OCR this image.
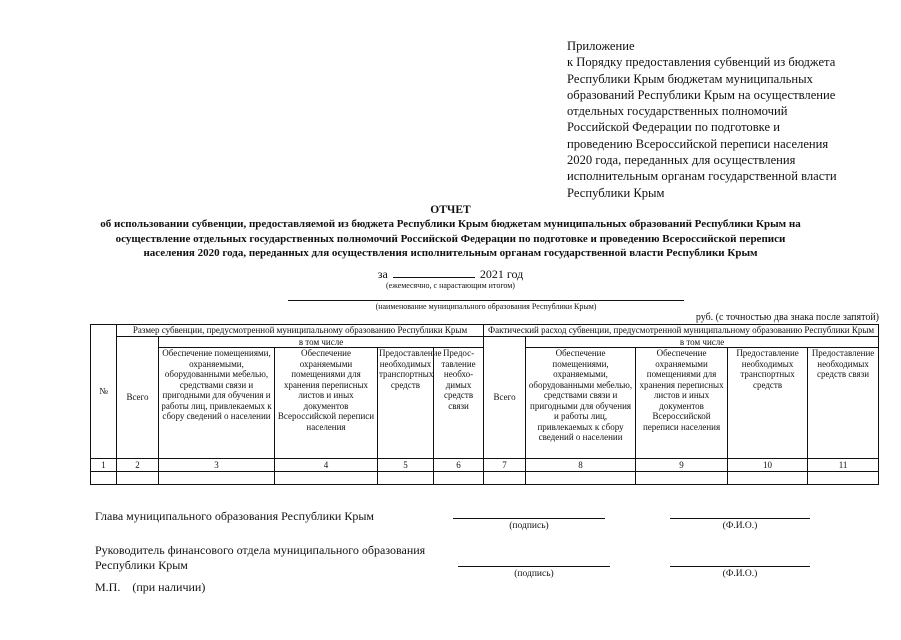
Приложение
к Порядку предоставления субвенций из бюджета
Республики Крым бюджетам муниципальных
образований Республики Крым на осуществление
отдельных государственных полномочий
Российской Федерации по подготовке и
проведению Всероссийской переписи населения
2020 года, переданных для осуществления
исполнительным органам государственной власти
Республики Крым
ОТЧЕТ
об использовании субвенции, предоставляемой из бюджета Республики Крым бюджетам муниципальных образований Республики Крым на
осуществление отдельных государственных полномочий Российской Федерации по подготовке и проведению Всероссийской переписи
населения 2020 года, переданных для осуществления исполнительным органам государственной власти Республики Крым
за	2021 год
(ежемесячно, с нарастающим итогом)
(наименование муниципального образования Республики Крым)
руб. (с точностью два знака после запятой)
№	Размер субвенции, предусмотренной муниципальному образованию Республики Крым					Фактический расход субвенции, предусмотренной муниципальному образованию Республики Крым				
	Всего	в том числе				Всего	в том числе			
		Обеспечение помещениями, охраняемыми, оборудованными мебелью, средствами связи и пригодными для обучения и работы лиц, привлекаемых к сбору сведений о населении	Обеспечение охраняемыми помещениями для хранения переписных листов и иных документов Всероссийской переписи населения	Предоставление необходимых транспортных средств	Предос-тавление необхо-димых средств связи		Обеспечение помещениями, охраняемыми, оборудованными мебелью, средствами связи и пригодными для обучения и работы лиц, привлекаемых к сбору сведений о населении	Обеспечение охраняемыми помещениями для хранения переписных листов и иных документов Всероссийской переписи населения	Предоставление необходимых транспортных средств	Предоставление необходимых средств связи
1	2	3	4	5	6	7	8	9	10	11

Глава муниципального образования Республики Крым
(подпись)	(Ф.И.О.)
Руководитель финансового отдела муниципального образования
Республики Крым
(подпись)	(Ф.И.О.)
М.П.    (при наличии)
